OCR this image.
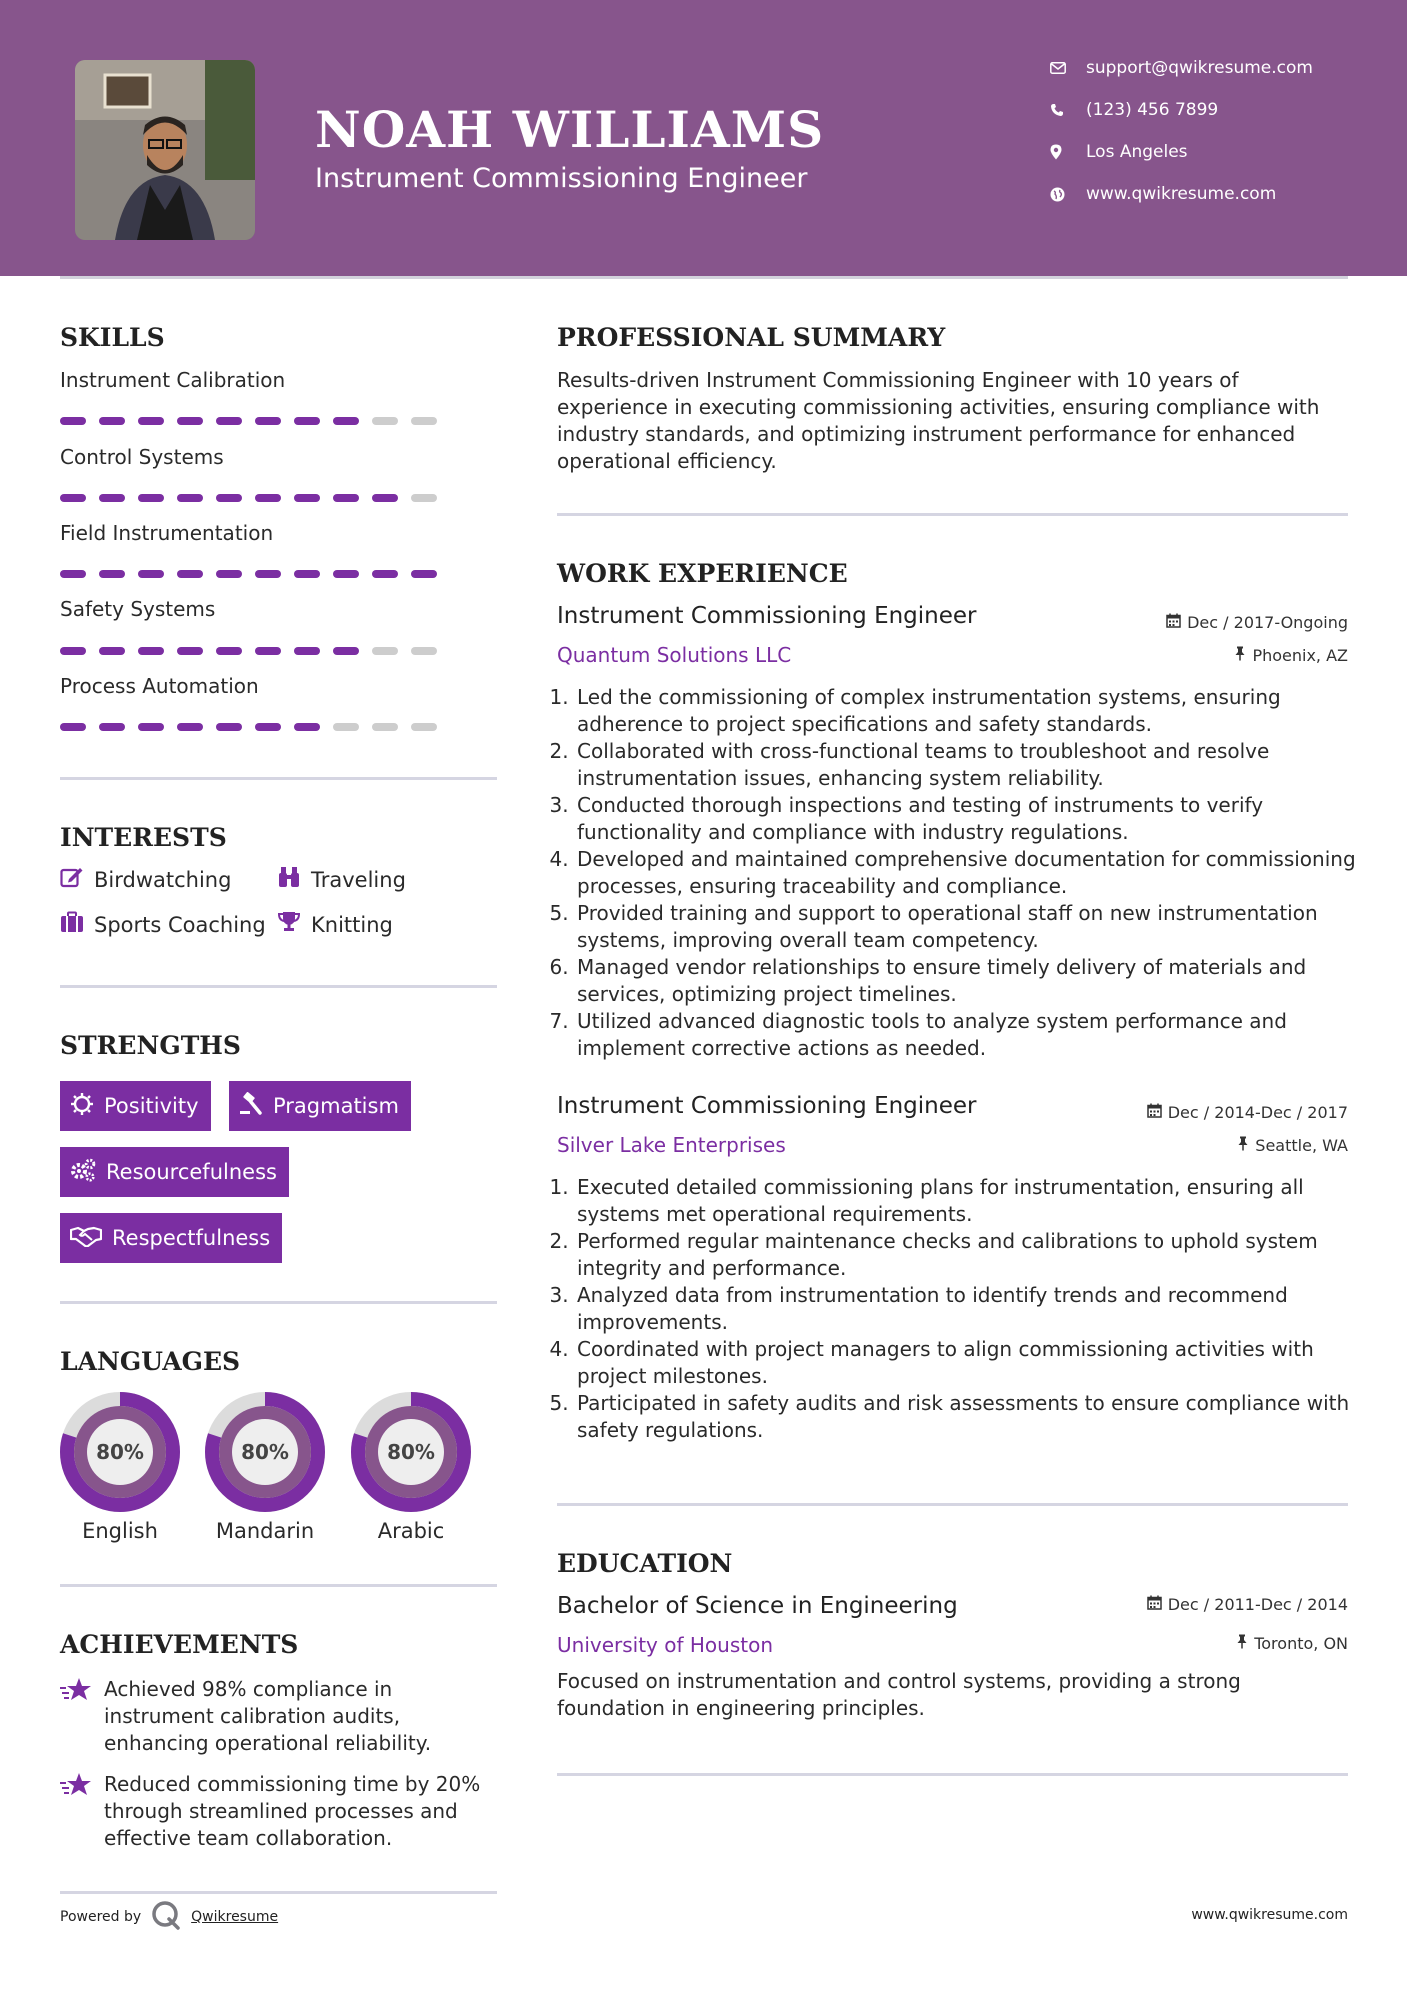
NOAH WILLIAMS
Instrument Commissioning Engineer
support@qwikresume.com
(123) 456 7899
Los Angeles
www.qwikresume.com
SKILLS
Instrument Calibration
Control Systems
Field Instrumentation
Safety Systems
Process Automation
INTERESTS
Birdwatching	Traveling
Sports Coaching Knitting
STRENGTHS
Positivity	Pragmatism
Resourcefulness
Respectfulness
LANGUAGES
80%
English
80%
Mandarin
80%
Arabic
ACHIEVEMENTS
Achieved 98% compliance in instrument calibration audits, enhancing operational reliability.
Reduced commissioning time by 20% through streamlined processes and effective team collaboration.
PROFESSIONAL SUMMARY
Results-driven Instrument Commissioning Engineer with 10 years of experience in executing commissioning activities, ensuring compliance with industry standards, and optimizing instrument performance for enhanced operational efficiency.
WORK EXPERIENCE
Instrument Commissioning Engineer	Dec / 2017-Ongoing
Quantum Solutions LLC	Phoenix, AZ
1. Led the commissioning of complex instrumentation systems, ensuring adherence to project specifications and safety standards.
2. Collaborated with cross-functional teams to troubleshoot and resolve instrumentation issues, enhancing system reliability.
3. Conducted thorough inspections and testing of instruments to verify functionality and compliance with industry regulations.
4. Developed and maintained comprehensive documentation for commissioning processes, ensuring traceability and compliance.
5. Provided training and support to operational staff on new instrumentation systems, improving overall team competency.
6. Managed vendor relationships to ensure timely delivery of materials and services, optimizing project timelines.
7. Utilized advanced diagnostic tools to analyze system performance and implement corrective actions as needed.
Instrument Commissioning Engineer	Dec / 2014-Dec / 2017
Silver Lake Enterprises	Seattle, WA
1. Executed detailed commissioning plans for instrumentation, ensuring all systems met operational requirements.
2. Performed regular maintenance checks and calibrations to uphold system integrity and performance.
3. Analyzed data from instrumentation to identify trends and recommend improvements.
4. Coordinated with project managers to align commissioning activities with project milestones.
5. Participated in safety audits and risk assessments to ensure compliance with safety regulations.
EDUCATION
Bachelor of Science in Engineering	Dec / 2011-Dec / 2014
University of Houston	Toronto, ON
Focused on instrumentation and control systems, providing a strong foundation in engineering principles.
Powered by	Qwikresume	www.qwikresume.com
